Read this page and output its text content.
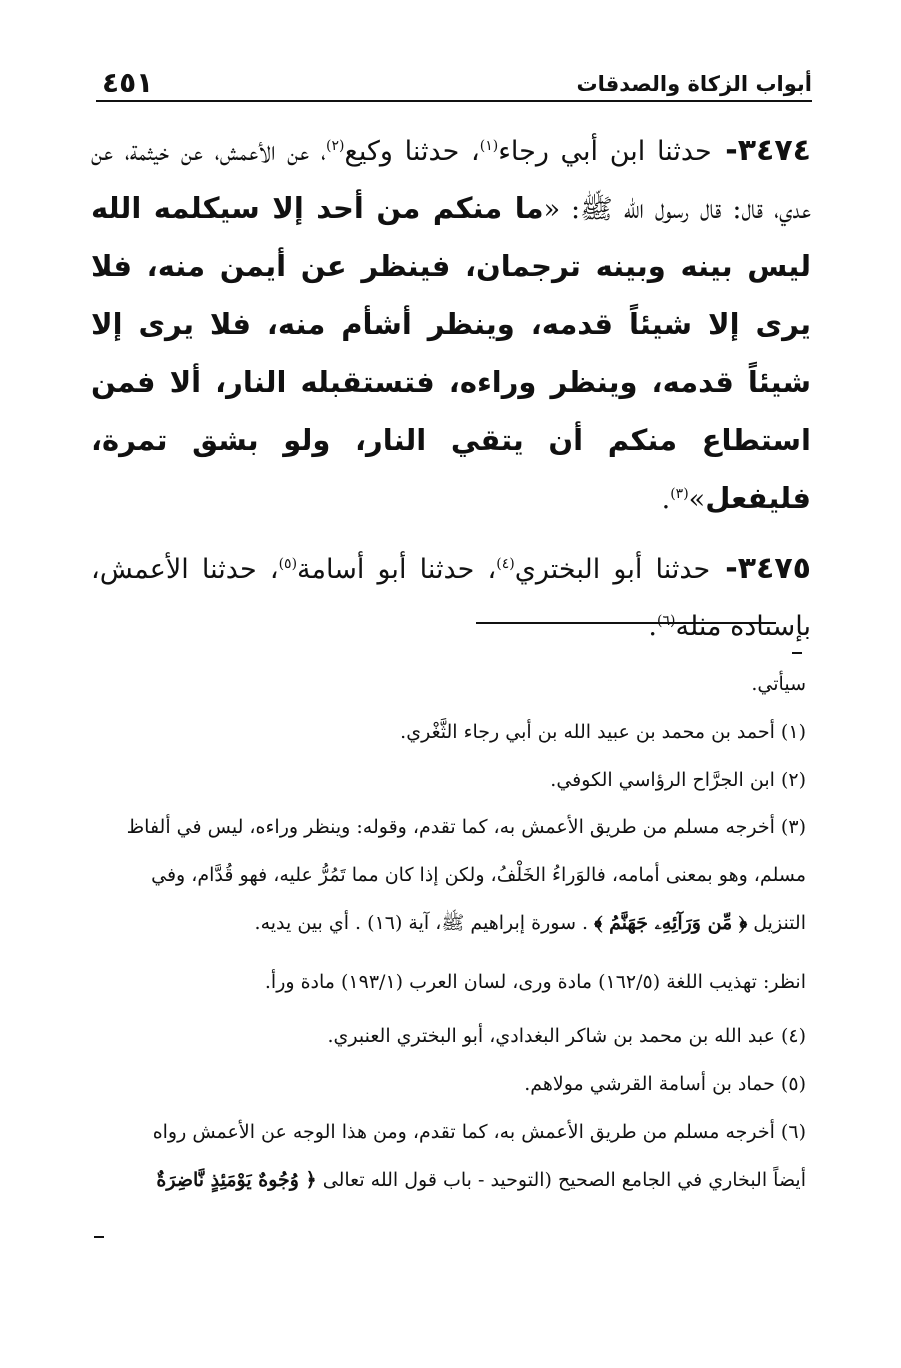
أبواب الزكاة والصدقات
٤٥١

٣٤٧٤- حدثنا ابن أبي رجاء$^{(١)}$، حدثنا وكيع$^{(٢)}$، عن الأعمش، عن خيثمة، عن عدي، قال: قال رسول الله ﷺ: «ما منكم من أحد إلا سيكلمه الله ليس بينه وبينه ترجمان، فينظر عن أيمن منه، فلا يرى إلا شيئاً قدمه، وينظر أشأم منه، فلا يرى إلا شيئاً قدمه، وينظر وراءه، فتستقبله النار، ألا فمن استطاع منكم أن يتقي النار، ولو بشق تمرة، فليفعل»$^{(٣)}$.

٣٤٧٥- حدثنا أبو البختري$^{(٤)}$، حدثنا أبو أسامة$^{(٥)}$، حدثنا الأعمش، بإسناده مثله$^{(٦)}$.

سيأتي.
(١) أحمد بن محمد بن عبيد الله بن أبي رجاء الثَّغْري.
(٢) ابن الجرَّاح الرؤاسي الكوفي.
(٣) أخرجه مسلم من طريق الأعمش به، كما تقدم، وقوله: وينظر وراءه، ليس في ألفاظ
مسلم، وهو بمعنى أمامه، فالوَراءُ الخَلْفُ، ولكن إذا كان مما تَمُرُّ عليه، فهو قُدَّام، وفي
التنزيل ﴿ مِّن وَرَآئِهِۦ جَهَنَّمُ ﴾ . سورة إبراهيم ﷺ، آية (١٦) . أي بين يديه.
انظر: تهذيب اللغة (١٦٢/٥) مادة ورى، لسان العرب (١٩٣/١) مادة ورأ.
(٤) عبد الله بن محمد بن شاكر البغدادي، أبو البختري العنبري.
(٥) حماد بن أسامة القرشي مولاهم.
(٦) أخرجه مسلم من طريق الأعمش به، كما تقدم، ومن هذا الوجه عن الأعمش رواه
أيضاً البخاري في الجامع الصحيح (التوحيد - باب قول الله تعالى ﴿ وُجُوهٌ يَوْمَئِذٍ نَّاضِرَةٌ
